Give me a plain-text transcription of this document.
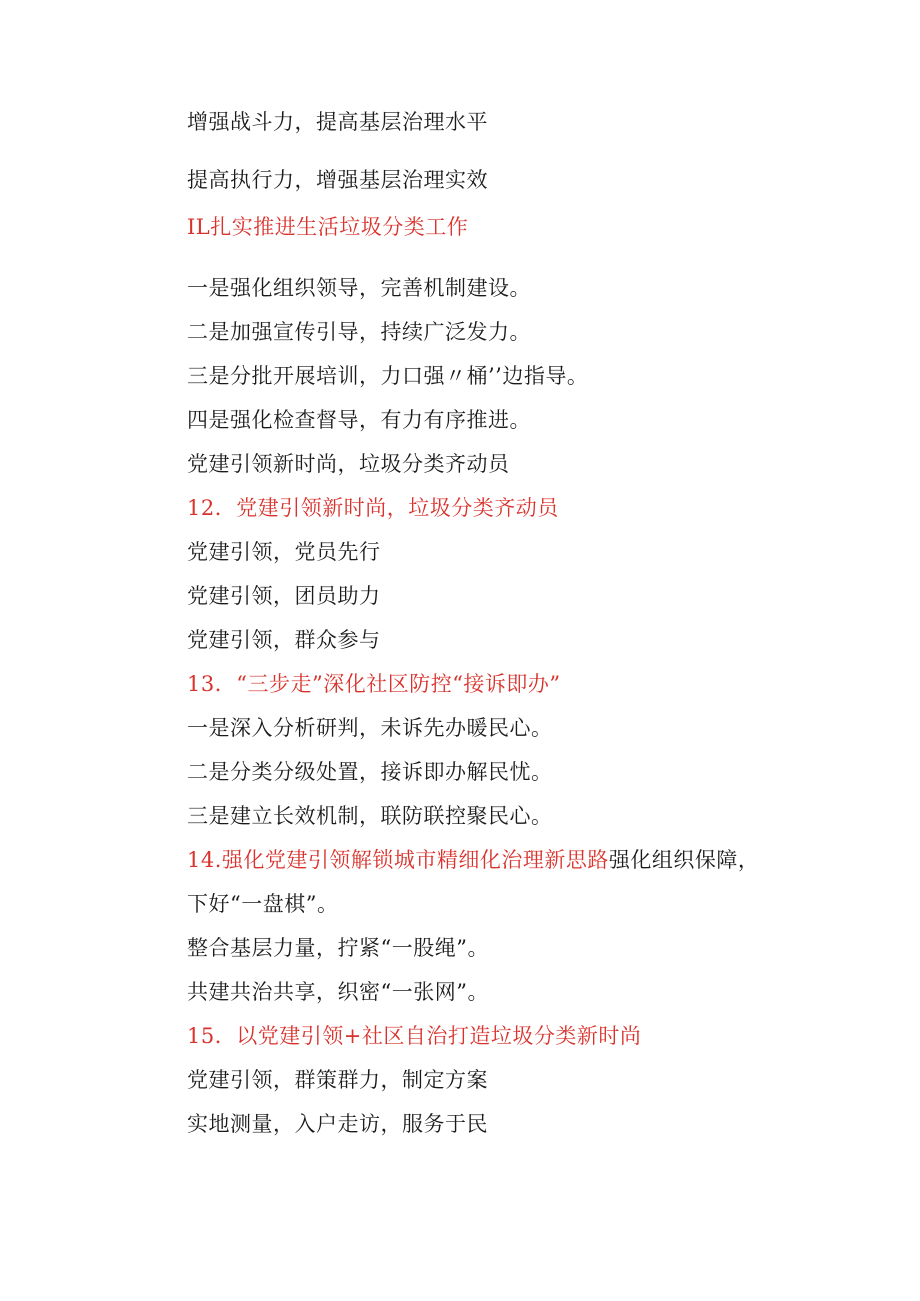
增强战斗力，提高基层治理水平
提高执行力，增强基层治理实效
IL扎实推进生活垃圾分类工作
一是强化组织领导，完善机制建设。
二是加强宣传引导，持续广泛发力。
三是分批开展培训，力口强〃桶’’边指导。
四是强化检查督导，有力有序推进。
党建引领新时尚，垃圾分类齐动员
12．党建引领新时尚，垃圾分类齐动员
党建引领，党员先行
党建引领，团员助力
党建引领，群众参与
13．“三步走”深化社区防控“接诉即办”
一是深入分析研判，未诉先办暖民心。
二是分类分级处置，接诉即办解民忧。
三是建立长效机制，联防联控聚民心。
14.强化党建引领解锁城市精细化治理新思路强化组织保障，
下好“一盘棋”。
整合基层力量，拧紧“一股绳”。
共建共治共享，织密“一张网”。
15．以党建引领+社区自治打造垃圾分类新时尚
党建引领，群策群力，制定方案
实地测量，入户走访，服务于民
